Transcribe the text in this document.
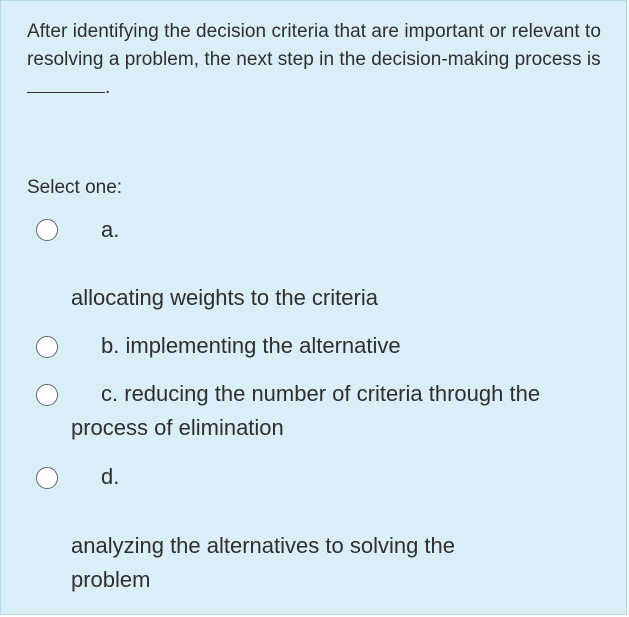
After identifying the decision criteria that are important or relevant to resolving a problem, the next step in the decision-making process is .
Select one:
a.
allocating weights to the criteria
b. implementing the alternative
c. reducing the number of criteria through the
process of elimination
d.
analyzing the alternatives to solving the
problem
